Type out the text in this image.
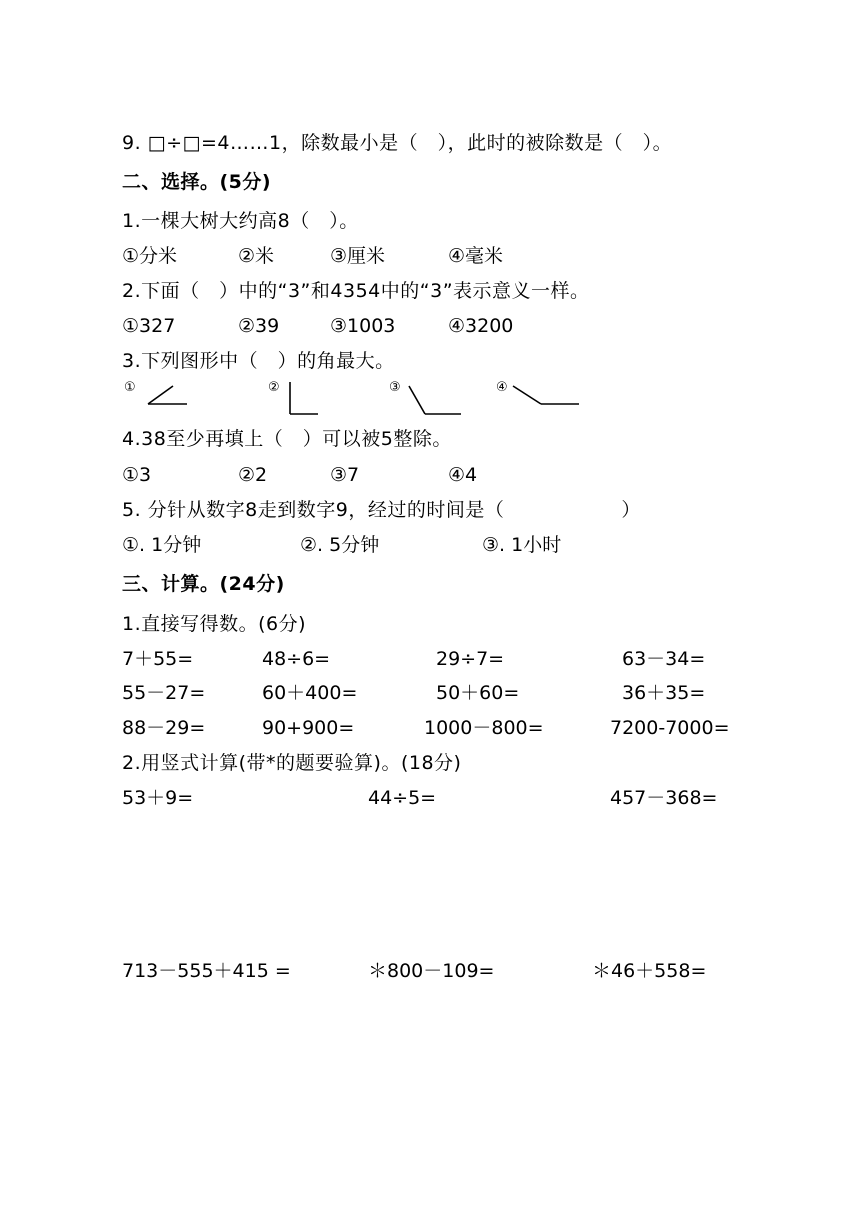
9. □÷□=4……1，除数最小是（　），此时的被除数是（　）。
二、选择。(5分)
1.一棵大树大约高8（　）。
①分米	②米	③厘米	④毫米
2.下面（　）中的“3”和4354中的“3”表示意义一样。
①327	②39	③1003	④3200
3.下列图形中（　）的角最大。
①	②	③	④
4.38至少再填上（　）可以被5整除。
①3	②2	③7	④4
5. 分针从数字8走到数字9，经过的时间是（　　　　　　）
①. 1分钟	②. 5分钟	③. 1小时
三、计算。(24分)
1.直接写得数。(6分)
7＋55=	48÷6=	29÷7=	63－34=
55－27=	60＋400=	50＋60=	36＋35=
88－29=	90+900=	1000－800=	7200-7000=
2.用竖式计算(带*的题要验算)。(18分)
53＋9=	44÷5=	457－368=
713－555＋415 =	＊800－109=	＊46＋558=
